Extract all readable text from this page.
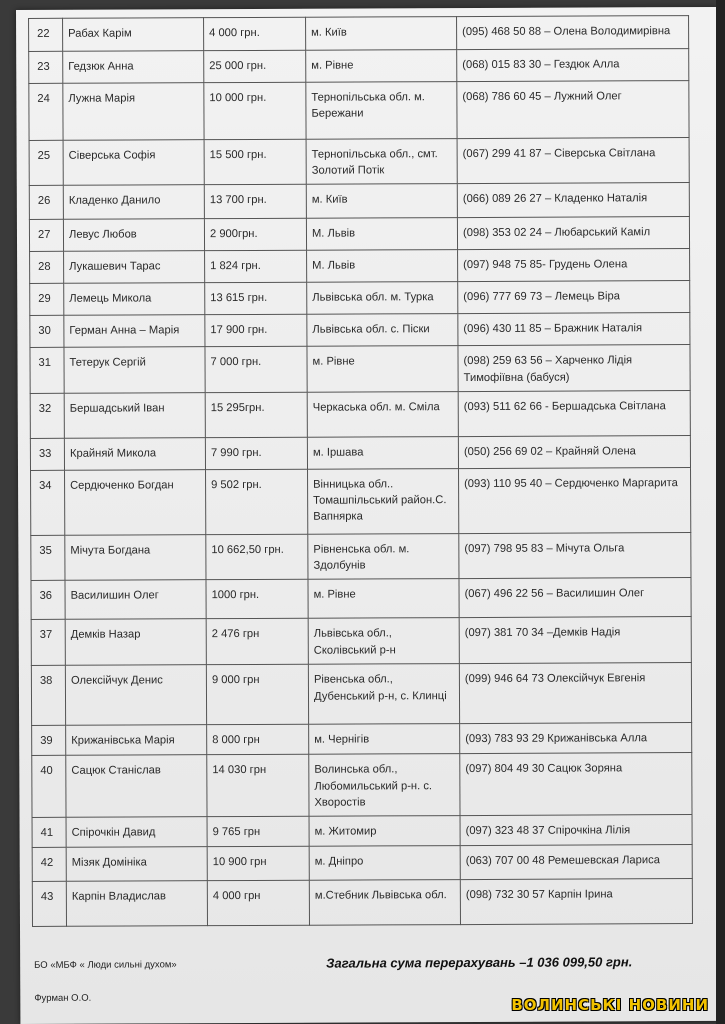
22	Рабах Карім	4 000 грн.	м. Київ	(095) 468 50 88 – Олена Володимирівна
23	Гедзюк Анна	25 000 грн.	м. Рівне	(068) 015 83 30 – Гездюк Алла
24	Лужна Марія	10 000 грн.	Тернопільська обл. м. Бережани	(068) 786 60 45 – Лужний Олег
25	Сіверська Софія	15 500 грн.	Тернопільська обл., смт. Золотий Потік	(067) 299 41 87 – Сіверська Світлана
26	Кладенко Данило	13 700 грн.	м. Київ	(066) 089 26 27 – Кладенко Наталія
27	Левус Любов	2 900грн.	М. Львів	(098) 353 02 24 – Любарський Каміл
28	Лукашевич Тарас	1 824 грн.	М. Львів	(097) 948 75 85- Грудень Олена
29	Лемець Микола	13 615 грн.	Львівська обл. м. Турка	(096) 777 69 73 – Лемець Віра
30	Герман Анна – Марія	17 900 грн.	Львівська обл. с. Піски	(096) 430 11 85 – Бражник Наталія
31	Тетерук Сергій	7 000 грн.	м. Рівне	(098) 259 63 56 – Харченко Лідія Тимофіївна (бабуся)
32	Бершадський Іван	15 295грн.	Черкаська обл. м. Сміла	(093) 511 62 66 - Бершадська Світлана
33	Крайняй Микола	7 990 грн.	м. Іршава	(050) 256 69 02 – Крайняй Олена
34	Сердюченко Богдан	9 502 грн.	Вінницька обл.. Томашпільський район.С. Вапнярка	(093) 110 95 40 – Сердюченко Маргарита
35	Мічута Богдана	10 662,50 грн.	Рівненська обл. м. Здолбунів	(097) 798 95 83 – Мічута Ольга
36	Василишин Олег	1000 грн.	м. Рівне	(067) 496 22 56 – Василишин Олег
37	Демків Назар	2 476 грн	Львівська обл., Сколівський р-н	(097) 381 70 34 –Демків Надія
38	Олексійчук Денис	9 000 грн	Рівенська обл., Дубенський р-н, с. Клинці	(099) 946 64 73 Олексійчук Евгенія
39	Крижанівська Марія	8 000 грн	м. Чернігів	(093) 783 93 29 Крижанівська Алла
40	Сацюк Станіслав	14 030 грн	Волинська обл., Любомильський р-н. с. Хворостів	(097) 804 49 30 Сацюк Зоряна
41	Спірочкін Давид	9 765 грн	м. Житомир	(097) 323 48 37 Спірочкіна Лілія
42	Мізяк Домініка	10 900 грн	м. Дніпро	(063) 707 00 48 Ремешевская Лариса
43	Карпін Владислав	4 000 грн	м.Стебник Львівська обл.	(098) 732 30 57 Карпін Ірина
БО «МБФ « Люди сильні духом»	Загальна сума перерахувань –1 036 099,50 грн.
Фурман О.О.	ВОЛИНСЬКІ НОВИНИ
